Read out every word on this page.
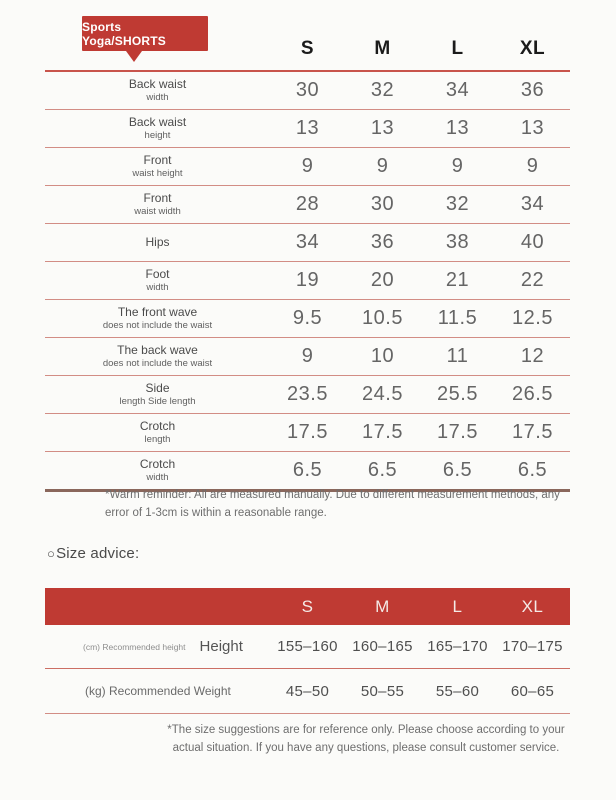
Sports Yoga/SHORTS	S	M	L	XL
Back waist
width	30	32	34	36
Back waist
height	13	13	13	13
Front
waist height	9	9	9	9
Front
waist width	28	30	32	34
Hips	34	36	38	40
Foot
width	19	20	21	22
The front wave
does not include the waist	9.5	10.5	11.5	12.5
The back wave
does not include the waist	9	10	11	12
Side
length Side length	23.5	24.5	25.5	26.5
Crotch
length	17.5	17.5	17.5	17.5
Crotch
width	6.5	6.5	6.5	6.5
*Warm reminder: All are measured manually. Due to different measurement methods, any error of 1-3cm is within a reasonable range.
○ Size advice:
S	M	L	XL
(cm) Recommended height Height	155–160 160–165 165–170 170–175
(kg) Recommended Weight	45–50	50–55	55–60	60–65
*The size suggestions are for reference only. Please choose according to your actual situation. If you have any questions, please consult customer service.
